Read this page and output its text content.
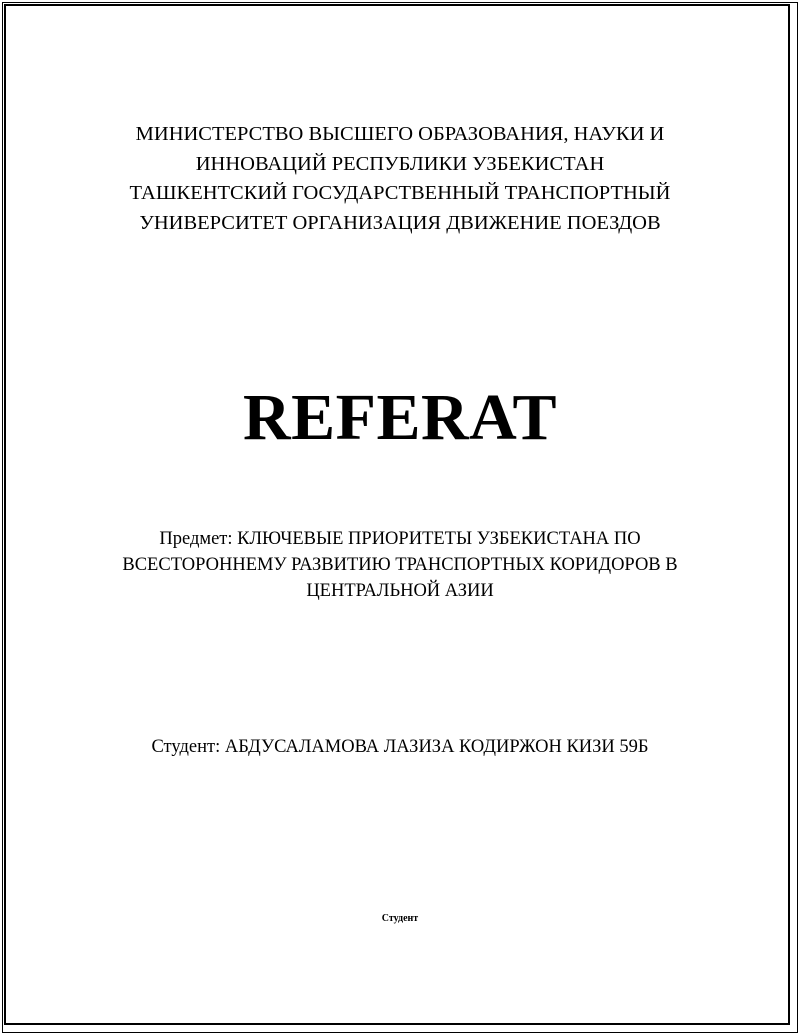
МИНИСТЕРСТВО ВЫСШЕГО ОБРАЗОВАНИЯ, НАУКИ И
ИННОВАЦИЙ РЕСПУБЛИКИ УЗБЕКИСТАН
ТАШКЕНТСКИЙ ГОСУДАРСТВЕННЫЙ ТРАНСПОРТНЫЙ
УНИВЕРСИТЕТ ОРГАНИЗАЦИЯ ДВИЖЕНИЕ ПОЕЗДОВ
REFERAT
Предмет: КЛЮЧЕВЫЕ ПРИОРИТЕТЫ УЗБЕКИСТАНА ПО
ВСЕСТОРОННЕМУ РАЗВИТИЮ ТРАНСПОРТНЫХ КОРИДОРОВ В
ЦЕНТРАЛЬНОЙ АЗИИ
Студент: АБДУСАЛАМОВА ЛАЗИЗА КОДИРЖОН КИЗИ 59Б
Студент
